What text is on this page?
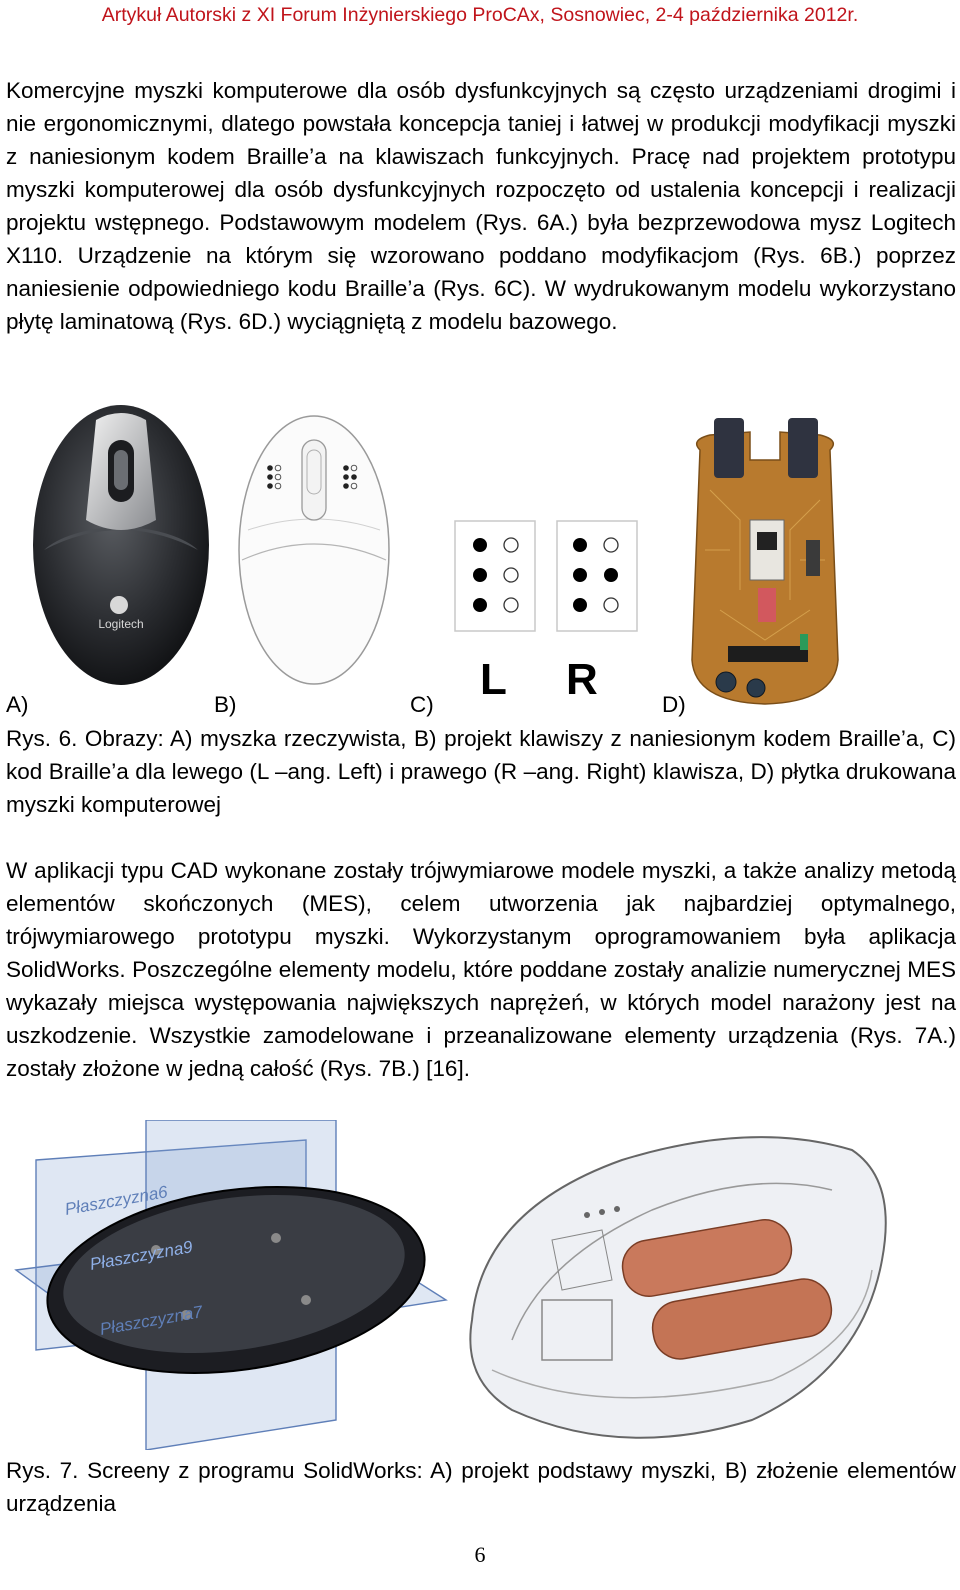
Artykuł Autorski z XI Forum Inżynierskiego ProCAx, Sosnowiec, 2-4 października 2012r.

Komercyjne myszki komputerowe dla osób dysfunkcyjnych są często urządzeniami drogimi i nie ergonomicznymi, dlatego powstała koncepcja taniej i łatwej w produkcji modyfikacji myszki z naniesionym kodem Braille’a na klawiszach funkcyjnych. Pracę nad projektem prototypu myszki komputerowej dla osób dysfunkcyjnych rozpoczęto od ustalenia koncepcji i realizacji projektu wstępnego. Podstawowym modelem (Rys. 6A.) była bezprzewodowa mysz Logitech X110. Urządzenie na którym się wzorowano poddano modyfikacjom (Rys. 6B.) poprzez naniesienie odpowiedniego kodu Braille’a (Rys. 6C). W wydrukowanym modelu wykorzystano płytę laminatową (Rys. 6D.) wyciągniętą z modelu bazowego.

Logitech
L R
A)	B)	C)	D)

Rys. 6. Obrazy: A) myszka rzeczywista, B) projekt klawiszy z naniesionym kodem Braille’a, C) kod Braille’a dla lewego (L –ang. Left) i prawego (R –ang. Right) klawisza, D) płytka drukowana myszki komputerowej

W aplikacji typu CAD wykonane zostały trójwymiarowe modele myszki, a także analizy metodą elementów skończonych (MES), celem utworzenia jak najbardziej optymalnego, trójwymiarowego prototypu myszki. Wykorzystanym oprogramowaniem była aplikacja SolidWorks. Poszczególne elementy modelu, które poddane zostały analizie numerycznej MES wykazały miejsca występowania największych naprężeń, w których model narażony jest na uszkodzenie. Wszystkie zamodelowane i przeanalizowane elementy urządzenia (Rys. 7A.) zostały złożone w jedną całość (Rys. 7B.) [16].

Płaszczyzna6
Płaszczyzna9
Płaszczyzna7

Rys. 7. Screeny z programu SolidWorks: A) projekt podstawy myszki, B) złożenie elementów urządzenia

6
